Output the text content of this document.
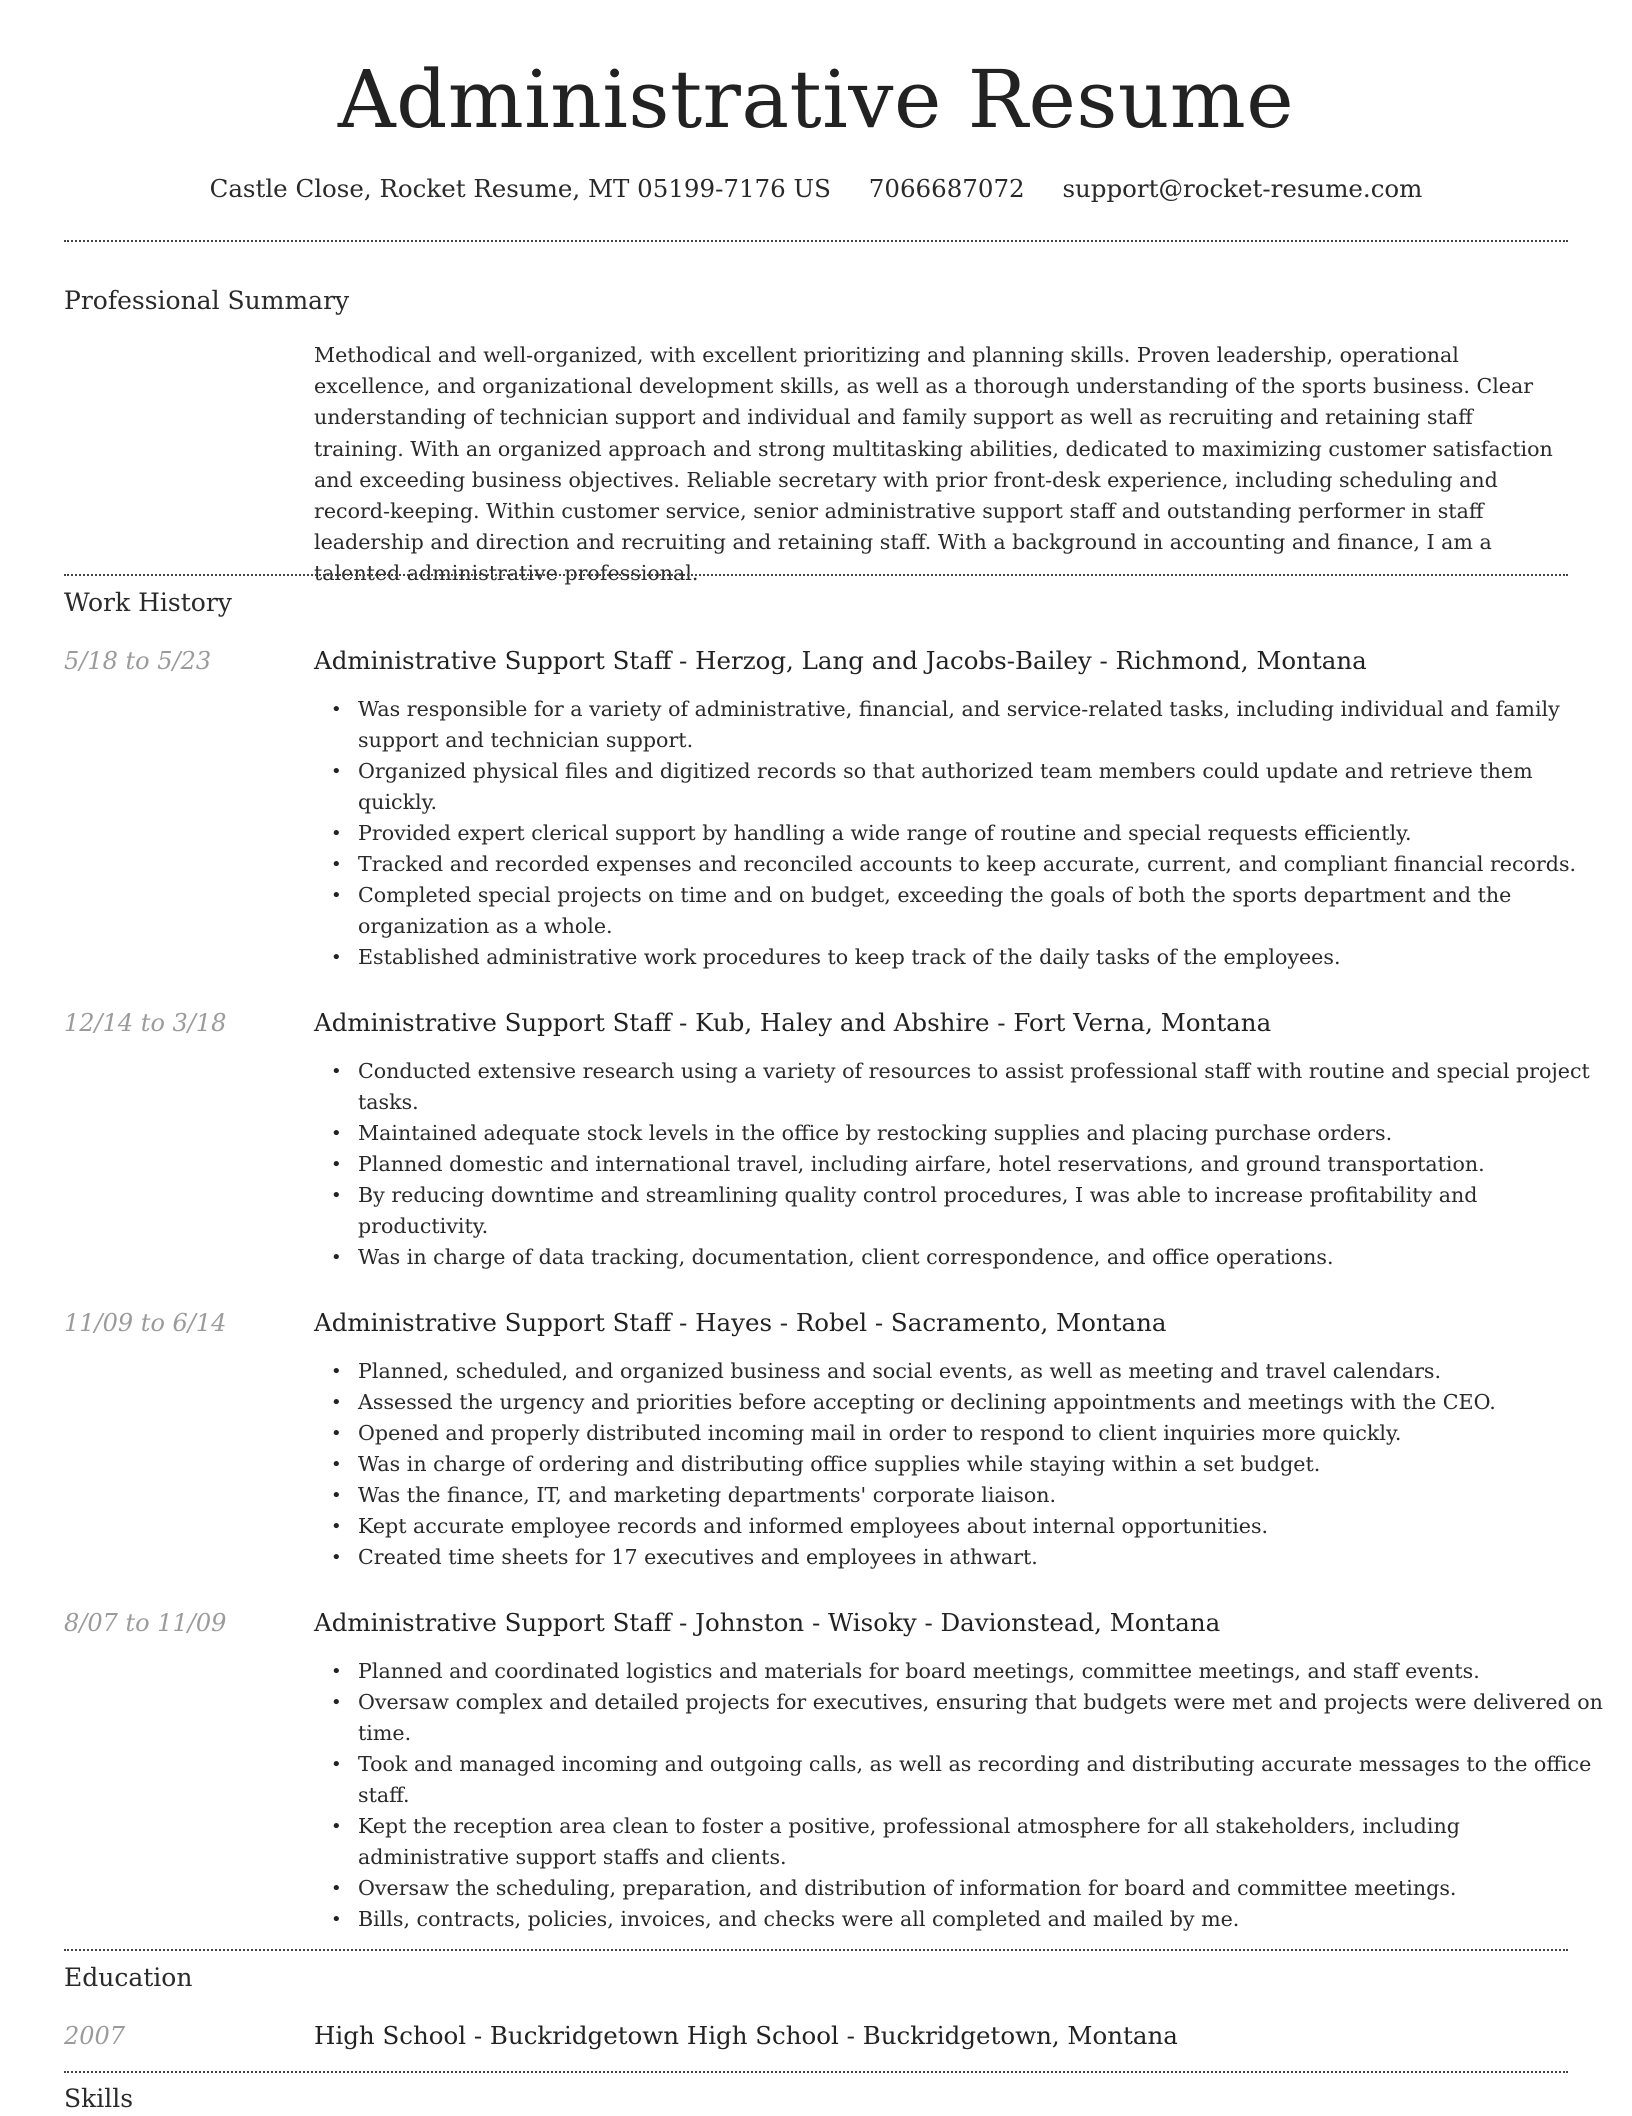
Administrative Resume
Castle Close, Rocket Resume, MT 05199-7176 US 7066687072 support@rocket-resume.com
Professional Summary
Methodical and well-organized, with excellent prioritizing and planning skills. Proven leadership, operational excellence, and organizational development skills, as well as a thorough understanding of the sports business. Clear understanding of technician support and individual and family support as well as recruiting and retaining staff training. With an organized approach and strong multitasking abilities, dedicated to maximizing customer satisfaction and exceeding business objectives. Reliable secretary with prior front-desk experience, including scheduling and record-keeping. Within customer service, senior administrative support staff and outstanding performer in staff leadership and direction and recruiting and retaining staff. With a background in accounting and finance, I am a talented administrative professional.
Work History
5/18 to 5/23	Administrative Support Staff - Herzog, Lang and Jacobs-Bailey - Richmond, Montana
• Was responsible for a variety of administrative, financial, and service-related tasks, including individual and family support and technician support.
• Organized physical files and digitized records so that authorized team members could update and retrieve them quickly.
• Provided expert clerical support by handling a wide range of routine and special requests efficiently.
• Tracked and recorded expenses and reconciled accounts to keep accurate, current, and compliant financial records.
• Completed special projects on time and on budget, exceeding the goals of both the sports department and the organization as a whole.
• Established administrative work procedures to keep track of the daily tasks of the employees.
12/14 to 3/18	Administrative Support Staff - Kub, Haley and Abshire - Fort Verna, Montana
• Conducted extensive research using a variety of resources to assist professional staff with routine and special project tasks.
• Maintained adequate stock levels in the office by restocking supplies and placing purchase orders.
• Planned domestic and international travel, including airfare, hotel reservations, and ground transportation.
• By reducing downtime and streamlining quality control procedures, I was able to increase profitability and productivity.
• Was in charge of data tracking, documentation, client correspondence, and office operations.
11/09 to 6/14	Administrative Support Staff - Hayes - Robel - Sacramento, Montana
• Planned, scheduled, and organized business and social events, as well as meeting and travel calendars.
• Assessed the urgency and priorities before accepting or declining appointments and meetings with the CEO.
• Opened and properly distributed incoming mail in order to respond to client inquiries more quickly.
• Was in charge of ordering and distributing office supplies while staying within a set budget.
• Was the finance, IT, and marketing departments' corporate liaison.
• Kept accurate employee records and informed employees about internal opportunities.
• Created time sheets for 17 executives and employees in athwart.
8/07 to 11/09	Administrative Support Staff - Johnston - Wisoky - Davionstead, Montana
• Planned and coordinated logistics and materials for board meetings, committee meetings, and staff events.
• Oversaw complex and detailed projects for executives, ensuring that budgets were met and projects were delivered on time.
• Took and managed incoming and outgoing calls, as well as recording and distributing accurate messages to the office staff.
• Kept the reception area clean to foster a positive, professional atmosphere for all stakeholders, including administrative support staffs and clients.
• Oversaw the scheduling, preparation, and distribution of information for board and committee meetings.
• Bills, contracts, policies, invoices, and checks were all completed and mailed by me.
Education
2007	High School - Buckridgetown High School - Buckridgetown, Montana
Skills
